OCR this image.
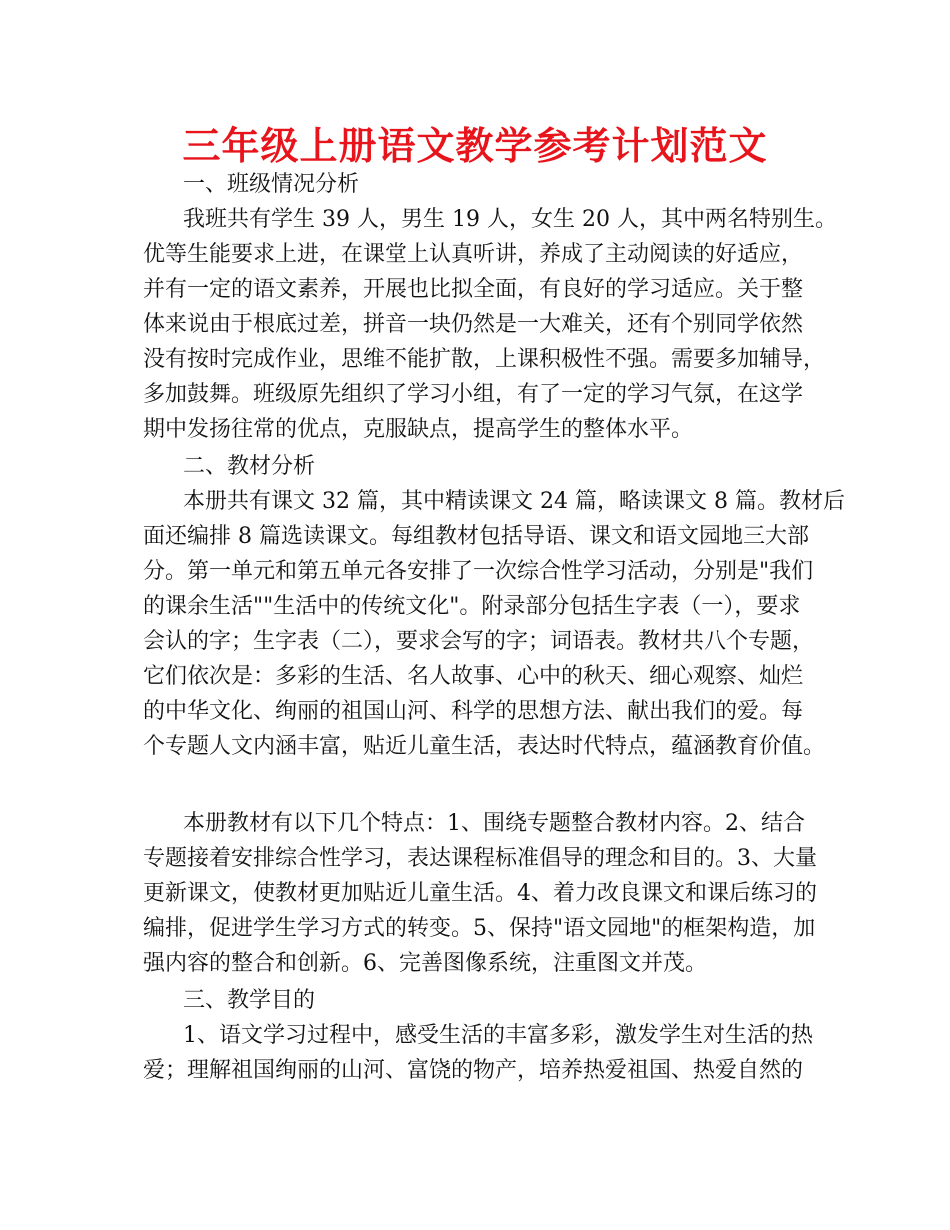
三年级上册语文教学参考计划范文
一、班级情况分析
我班共有学生 39 人，男生 19 人，女生 20 人，其中两名特别生。
优等生能要求上进，在课堂上认真听讲，养成了主动阅读的好适应，
并有一定的语文素养，开展也比拟全面，有良好的学习适应。关于整
体来说由于根底过差，拼音一块仍然是一大难关，还有个别同学依然
没有按时完成作业，思维不能扩散，上课积极性不强。需要多加辅导，
多加鼓舞。班级原先组织了学习小组，有了一定的学习气氛，在这学
期中发扬往常的优点，克服缺点，提高学生的整体水平。
二、教材分析
本册共有课文 32 篇，其中精读课文 24 篇，略读课文 8 篇。教材后
面还编排 8 篇选读课文。每组教材包括导语、课文和语文园地三大部
分。第一单元和第五单元各安排了一次综合性学习活动，分别是"我们
的课余生活""生活中的传统文化"。附录部分包括生字表（一），要求
会认的字；生字表（二），要求会写的字；词语表。教材共八个专题，
它们依次是：多彩的生活、名人故事、心中的秋天、细心观察、灿烂
的中华文化、绚丽的祖国山河、科学的思想方法、献出我们的爱。每
个专题人文内涵丰富，贴近儿童生活，表达时代特点，蕴涵教育价值。
本册教材有以下几个特点：1、围绕专题整合教材内容。2、结合
专题接着安排综合性学习，表达课程标准倡导的理念和目的。3、大量
更新课文，使教材更加贴近儿童生活。4、着力改良课文和课后练习的
编排，促进学生学习方式的转变。5、保持"语文园地"的框架构造，加
强内容的整合和创新。6、完善图像系统，注重图文并茂。
三、教学目的
1、语文学习过程中，感受生活的丰富多彩，激发学生对生活的热
爱；理解祖国绚丽的山河、富饶的物产，培养热爱祖国、热爱自然的
